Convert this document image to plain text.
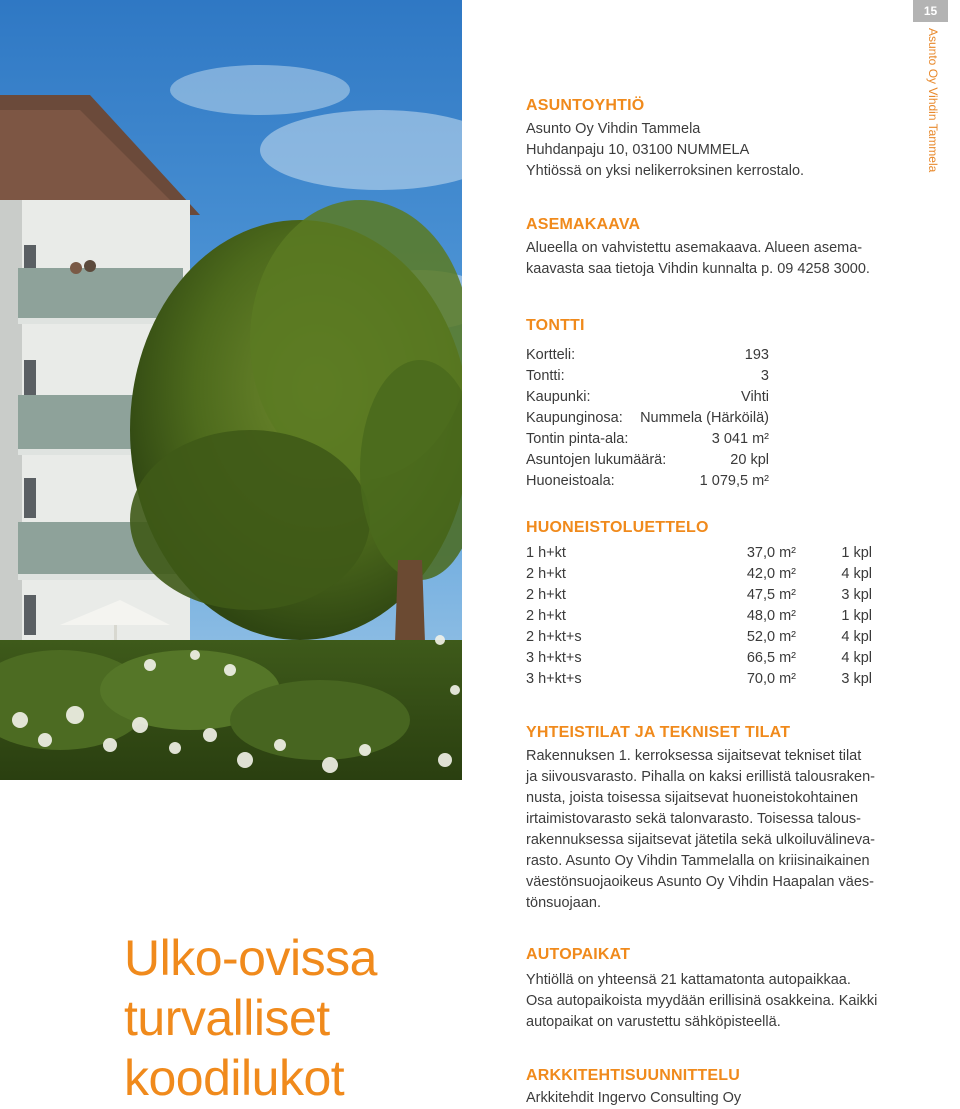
15
Asunto Oy Vihdin Tammela
ASUNTOYHTIÖ
Asunto Oy Vihdin Tammela
Huhdanpaju 10, 03100 NUMMELA
Yhtiössä on yksi nelikerroksinen kerrostalo.
ASEMAKAAVA
Alueella on vahvistettu asemakaava. Alueen asema-
kaavasta saa tietoja Vihdin kunnalta p. 09 4258 3000.
TONTTI
Kortteli:	193
Tontti:	3
Kaupunki:	Vihti
Kaupunginosa: Nummela (Härköilä)
Tontin pinta-ala:	3 041 m²
Asuntojen lukumäärä:	20 kpl
Huoneistoala:	1 079,5 m²
HUONEISTOLUETTELO
1 h+kt	37,0 m²	1 kpl
2 h+kt	42,0 m²	4 kpl
2 h+kt	47,5 m²	3 kpl
2 h+kt	48,0 m²	1 kpl
2 h+kt+s	52,0 m²	4 kpl
3 h+kt+s	66,5 m²	4 kpl
3 h+kt+s	70,0 m²	3 kpl
YHTEISTILAT JA TEKNISET TILAT
Rakennuksen 1. kerroksessa sijaitsevat tekniset tilat
ja siivousvarasto. Pihalla on kaksi erillistä talousraken-
nusta, joista toisessa sijaitsevat huoneistokohtainen
irtaimistovarasto sekä talonvarasto. Toisessa talous-
rakennuksessa sijaitsevat jätetila sekä ulkoiluvälineva-
rasto. Asunto Oy Vihdin Tammelalla on kriisinaikainen
väestönsuojaoikeus Asunto Oy Vihdin Haapalan väes-
tönsuojaan.
AUTOPAIKAT
Yhtiöllä on yhteensä 21 kattamatonta autopaikkaa.
Osa autopaikoista myydään erillisinä osakkeina. Kaikki
autopaikat on varustettu sähköpisteellä.
ARKKITEHTISUUNNITTELU
Arkkitehdit Ingervo Consulting Oy
Ulko-ovissa
turvalliset
koodilukot
